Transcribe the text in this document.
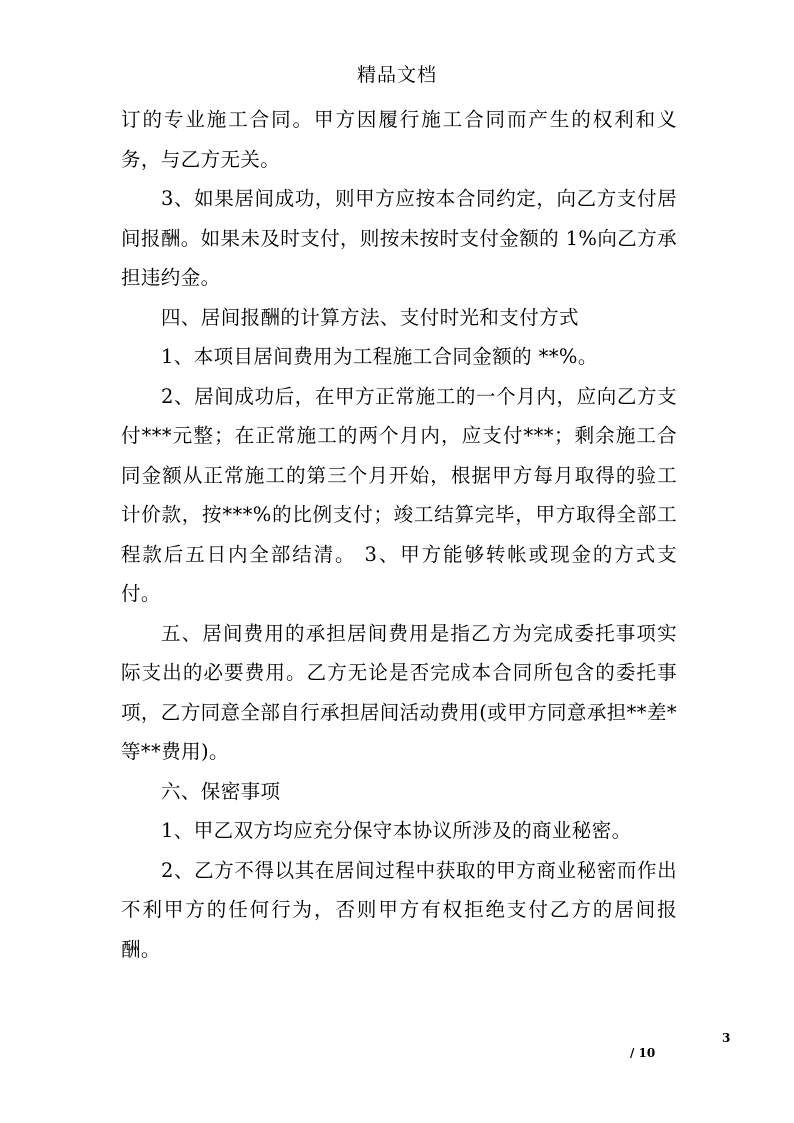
精品文档

订的专业施工合同。甲方因履行施工合同而产生的权利和义务，与乙方无关。

3、如果居间成功，则甲方应按本合同约定，向乙方支付居间报酬。如果未及时支付，则按未按时支付金额的 1%向乙方承担违约金。

四、居间报酬的计算方法、支付时光和支付方式

1、本项目居间费用为工程施工合同金额的 **%。

2、居间成功后，在甲方正常施工的一个月内，应向乙方支付***元整；在正常施工的两个月内，应支付***；剩余施工合同金额从正常施工的第三个月开始，根据甲方每月取得的验工计价款，按***%的比例支付；竣工结算完毕，甲方取得全部工程款后五日内全部结清。 3、甲方能够转帐或现金的方式支付。

五、居间费用的承担居间费用是指乙方为完成委托事项实际支出的必要费用。乙方无论是否完成本合同所包含的委托事项，乙方同意全部自行承担居间活动费用(或甲方同意承担**差*等**费用)。

六、保密事项

1、甲乙双方均应充分保守本协议所涉及的商业秘密。

2、乙方不得以其在居间过程中获取的甲方商业秘密而作出不利甲方的任何行为，否则甲方有权拒绝支付乙方的居间报酬。

3
/ 10
